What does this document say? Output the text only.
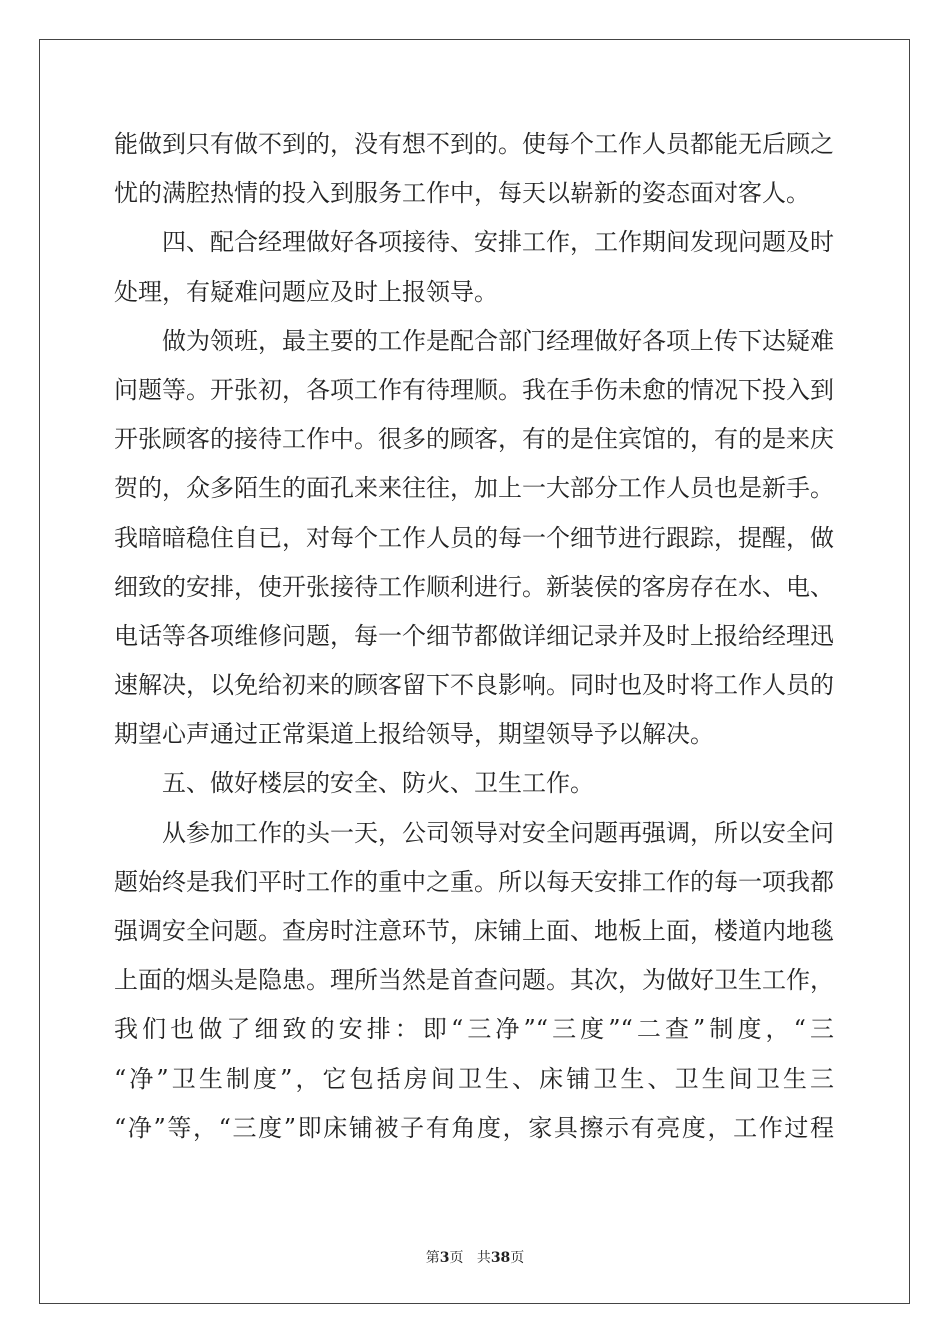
能做到只有做不到的，没有想不到的。使每个工作人员都能无后顾之
忧的满腔热情的投入到服务工作中，每天以崭新的姿态面对客人。
　　四、配合经理做好各项接待、安排工作，工作期间发现问题及时
处理，有疑难问题应及时上报领导。
　　做为领班，最主要的工作是配合部门经理做好各项上传下达疑难
问题等。开张初，各项工作有待理顺。我在手伤未愈的情况下投入到
开张顾客的接待工作中。很多的顾客，有的是住宾馆的，有的是来庆
贺的，众多陌生的面孔来来往往，加上一大部分工作人员也是新手。
我暗暗稳住自已，对每个工作人员的每一个细节进行跟踪，提醒，做
细致的安排，使开张接待工作顺利进行。新装侯的客房存在水、电、
电话等各项维修问题，每一个细节都做详细记录并及时上报给经理迅
速解决，以免给初来的顾客留下不良影响。同时也及时将工作人员的
期望心声通过正常渠道上报给领导，期望领导予以解决。
　　五、做好楼层的安全、防火、卫生工作。
　　从参加工作的头一天，公司领导对安全问题再强调，所以安全问
题始终是我们平时工作的重中之重。所以每天安排工作的每一项我都
强调安全问题。查房时注意环节，床铺上面、地板上面，楼道内地毯
上面的烟头是隐患。理所当然是首查问题。其次，为做好卫生工作，
我们也做了细致的安排：即“三净”“三度”“二查”制度，“三
“净”卫生制度”，它包括房间卫生、床铺卫生、卫生间卫生三
“净”等，“三度”即床铺被子有角度，家具擦示有亮度，工作过程
第3页 共38页
